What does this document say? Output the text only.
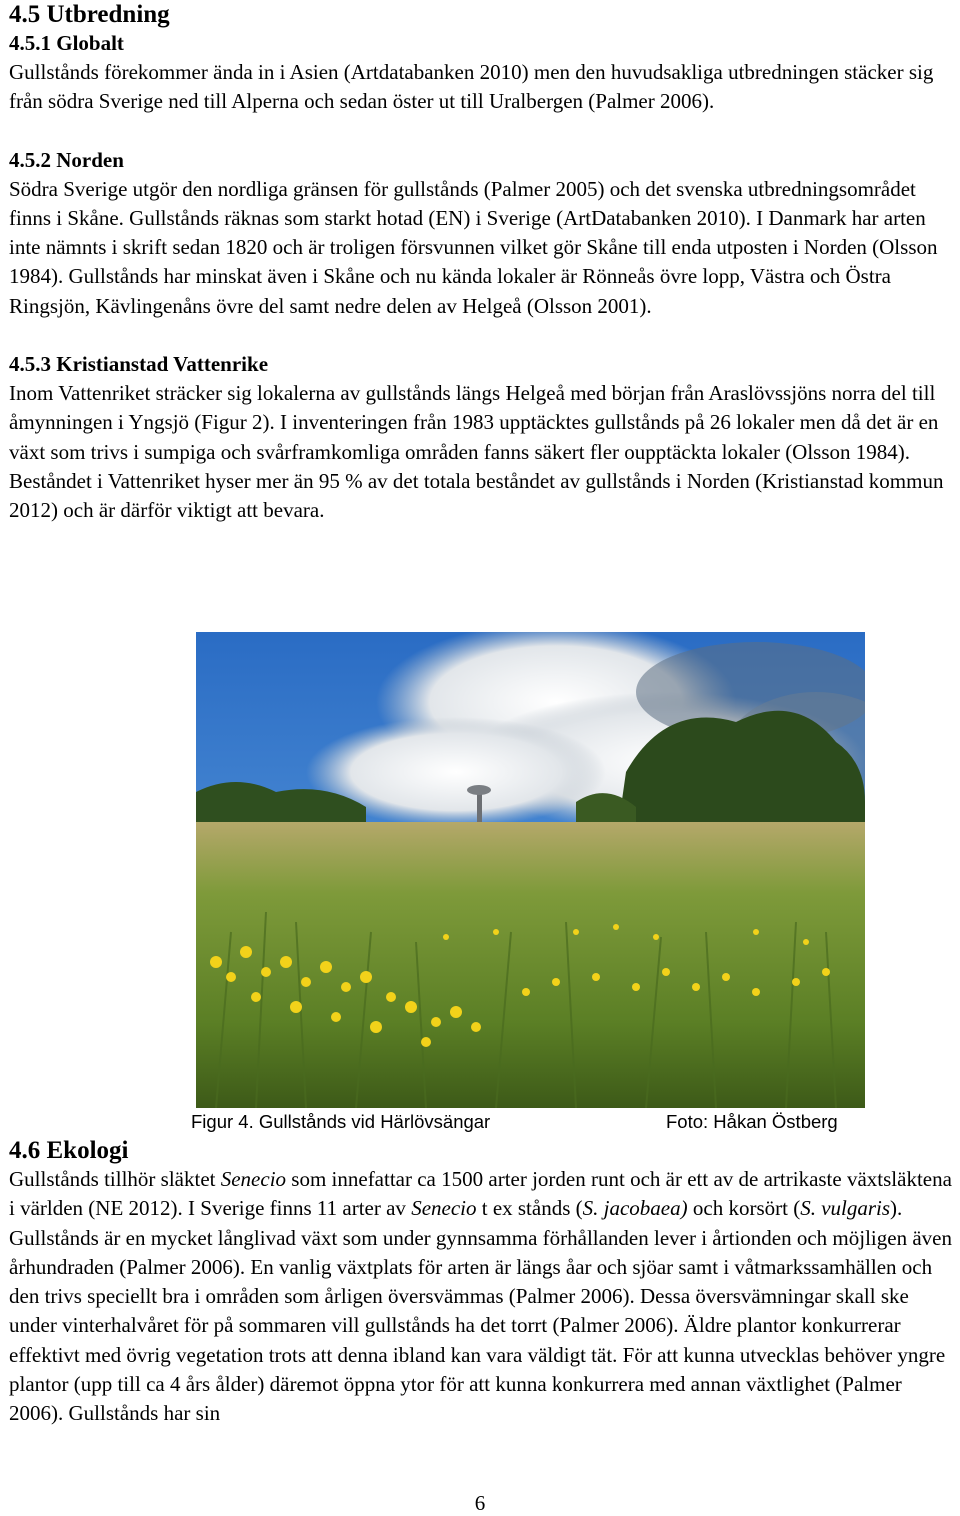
4.5 Utbredning
4.5.1 Globalt

Gullstånds förekommer ända in i Asien (Artdatabanken 2010) men den huvudsakliga utbredningen stäcker sig från södra Sverige ned till Alperna och sedan öster ut till Uralbergen (Palmer 2006).

4.5.2 Norden

Södra Sverige utgör den nordliga gränsen för gullstånds (Palmer 2005) och det svenska utbredningsområdet finns i Skåne. Gullstånds räknas som starkt hotad (EN) i Sverige (ArtDatabanken 2010). I Danmark har arten inte nämnts i skrift sedan 1820 och är troligen försvunnen vilket gör Skåne till enda utposten i Norden (Olsson 1984). Gullstånds har minskat även i Skåne och nu kända lokaler är Rönneås övre lopp, Västra och Östra Ringsjön, Kävlingenåns övre del samt nedre delen av Helgeå (Olsson 2001).

4.5.3 Kristianstad Vattenrike

Inom Vattenriket sträcker sig lokalerna av gullstånds längs Helgeå med början från Araslövssjöns norra del till åmynningen i Yngsjö (Figur 2). I inventeringen från 1983 upptäcktes gullstånds på 26 lokaler men då det är en växt som trivs i sumpiga och svårframkomliga områden fanns säkert fler oupptäckta lokaler (Olsson 1984). Beståndet i Vattenriket hyser mer än 95 % av det totala beståndet av gullstånds i Norden (Kristianstad kommun 2012) och är därför viktigt att bevara.

Figur 4. Gullstånds vid Härlövsängar	Foto: Håkan Östberg
4.6 Ekologi

Gullstånds tillhör släktet Senecio som innefattar ca 1500 arter jorden runt och är ett av de artrikaste växtsläktena i världen (NE 2012). I Sverige finns 11 arter av Senecio t ex stånds (S. jacobaea) och korsört (S. vulgaris). Gullstånds är en mycket långlivad växt som under gynnsamma förhållanden lever i årtionden och möjligen även århundraden (Palmer 2006). En vanlig växtplats för arten är längs åar och sjöar samt i våtmarkssamhällen och den trivs speciellt bra i områden som årligen översvämmas (Palmer 2006). Dessa översvämningar skall ske under vinterhalvåret för på sommaren vill gullstånds ha det torrt (Palmer 2006). Äldre plantor konkurrerar effektivt med övrig vegetation trots att denna ibland kan vara väldigt tät. För att kunna utvecklas behöver yngre plantor (upp till ca 4 års ålder) däremot öppna ytor för att kunna konkurrera med annan växtlighet (Palmer 2006). Gullstånds har sin

6
